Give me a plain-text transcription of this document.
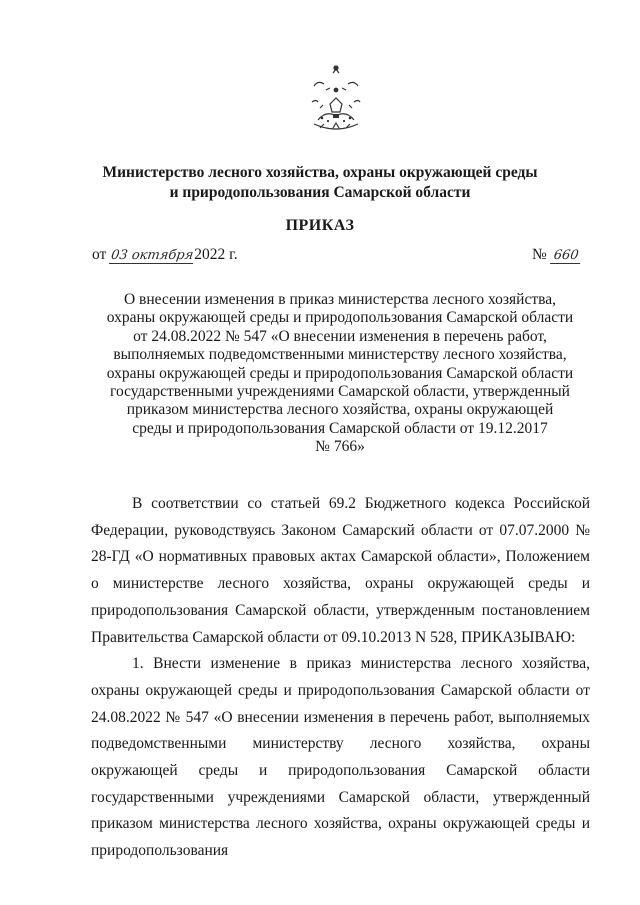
Министерство лесного хозяйства, охраны окружающей среды
и природопользования Самарской области
ПРИКАЗ
от 03 октября2022 г.	№ 660
О внесении изменения в приказ министерства лесного хозяйства,
охраны окружающей среды и природопользования Самарской области
от 24.08.2022 № 547 «О внесении изменения в перечень работ,
выполняемых подведомственными министерству лесного хозяйства,
охраны окружающей среды и природопользования Самарской области
государственными учреждениями Самарской области, утвержденный
приказом министерства лесного хозяйства, охраны окружающей
среды и природопользования Самарской области от 19.12.2017
№ 766»

В соответствии со статьей 69.2 Бюджетного кодекса Российской Федерации, руководствуясь Законом Самарский области от 07.07.2000 № 28-ГД «О нормативных правовых актах Самарской области», Положением о министерстве лесного хозяйства, охраны окружающей среды и природопользования Самарской области, утвержденным постановлением Правительства Самарской области от 09.10.2013 N 528, ПРИКАЗЫВАЮ:

1. Внести изменение в приказ министерства лесного хозяйства, охраны окружающей среды и природопользования Самарской области от 24.08.2022 № 547 «О внесении изменения в перечень работ, выполняемых подведомственными министерству лесного хозяйства, охраны окружающей среды и природопользования Самарской области государственными учреждениями Самарской области, утвержденный приказом министерства лесного хозяйства, охраны окружающей среды и природопользования
